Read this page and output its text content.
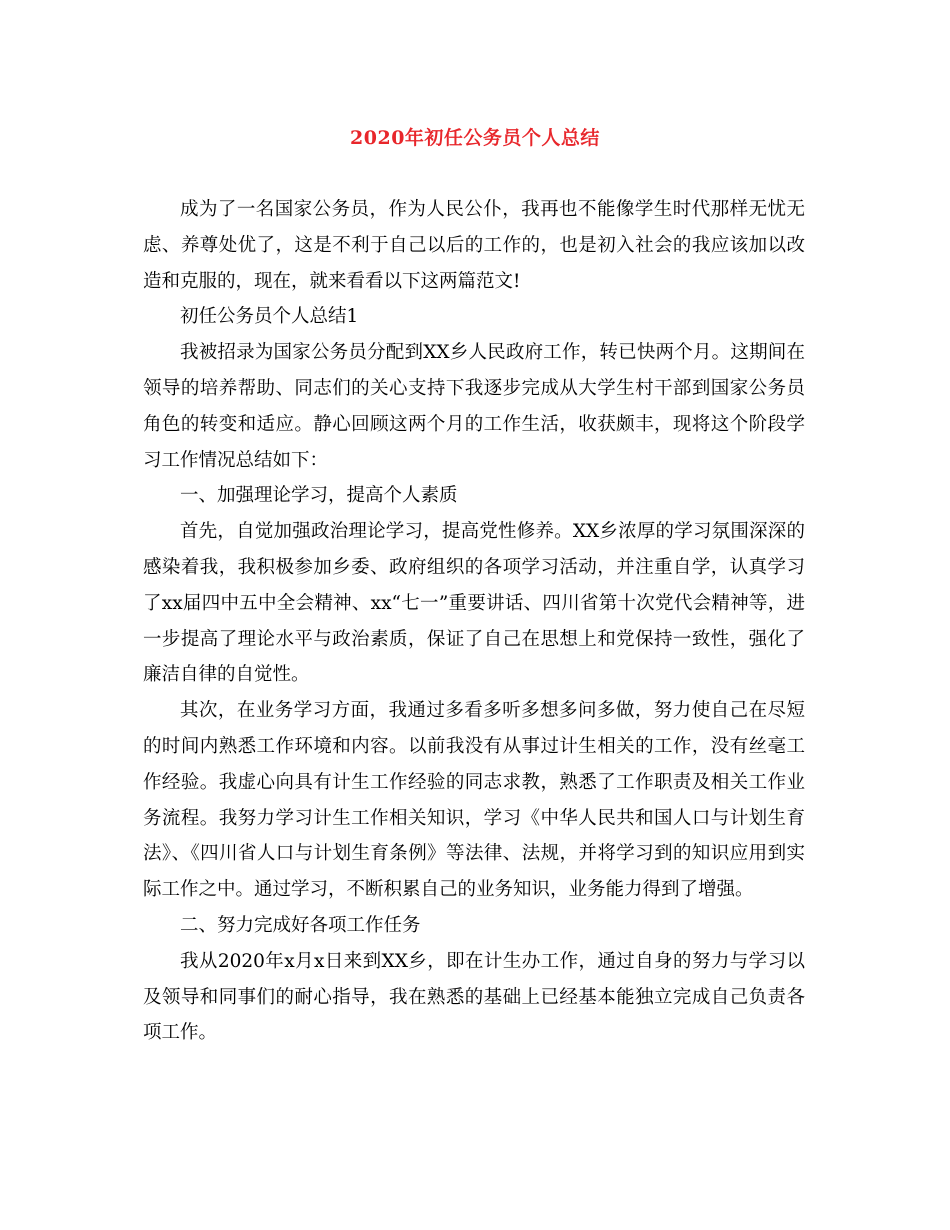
2020年初任公务员个人总结

成为了一名国家公务员，作为人民公仆，我再也不能像学生时代那样无忧无虑、养尊处优了，这是不利于自己以后的工作的，也是初入社会的我应该加以改造和克服的，现在，就来看看以下这两篇范文!

初任公务员个人总结1

我被招录为国家公务员分配到XX乡人民政府工作，转已快两个月。这期间在领导的培养帮助、同志们的关心支持下我逐步完成从大学生村干部到国家公务员角色的转变和适应。静心回顾这两个月的工作生活，收获颇丰，现将这个阶段学习工作情况总结如下：

一、加强理论学习，提高个人素质

首先，自觉加强政治理论学习，提高党性修养。XX乡浓厚的学习氛围深深的感染着我，我积极参加乡委、政府组织的各项学习活动，并注重自学，认真学习了xx届四中五中全会精神、xx“七一”重要讲话、四川省第十次党代会精神等，进一步提高了理论水平与政治素质，保证了自己在思想上和党保持一致性，强化了廉洁自律的自觉性。

其次，在业务学习方面，我通过多看多听多想多问多做，努力使自己在尽短的时间内熟悉工作环境和内容。以前我没有从事过计生相关的工作，没有丝毫工作经验。我虚心向具有计生工作经验的同志求教，熟悉了工作职责及相关工作业务流程。我努力学习计生工作相关知识，学习《中华人民共和国人口与计划生育法》、《四川省人口与计划生育条例》等法律、法规，并将学习到的知识应用到实际工作之中。通过学习，不断积累自己的业务知识，业务能力得到了增强。

二、努力完成好各项工作任务

我从2020年x月x日来到XX乡，即在计生办工作，通过自身的努力与学习以及领导和同事们的耐心指导，我在熟悉的基础上已经基本能独立完成自己负责各项工作。
